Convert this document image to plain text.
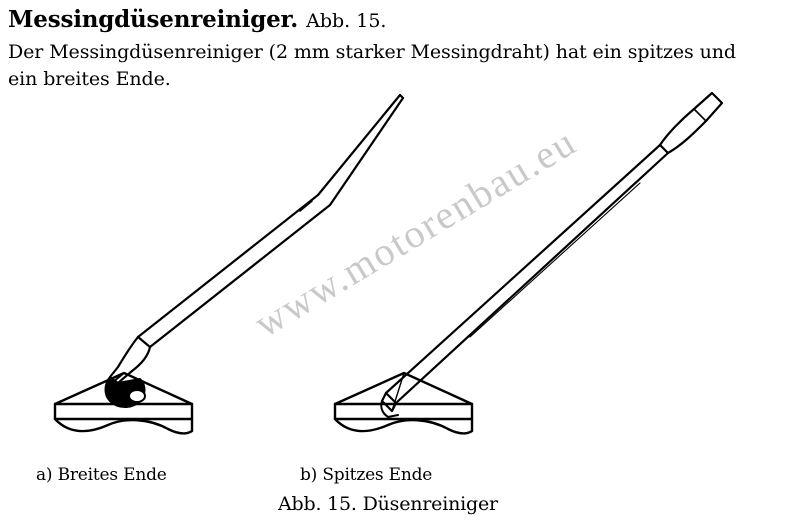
Messingdüsenreiniger. Abb. 15.
Der Messingdüsenreiniger (2 mm starker Messingdraht) hat ein spitzes und
ein breites Ende.
www.motorenbau.eu
a) Breites Ende	b) Spitzes Ende
Abb. 15. Düsenreiniger
